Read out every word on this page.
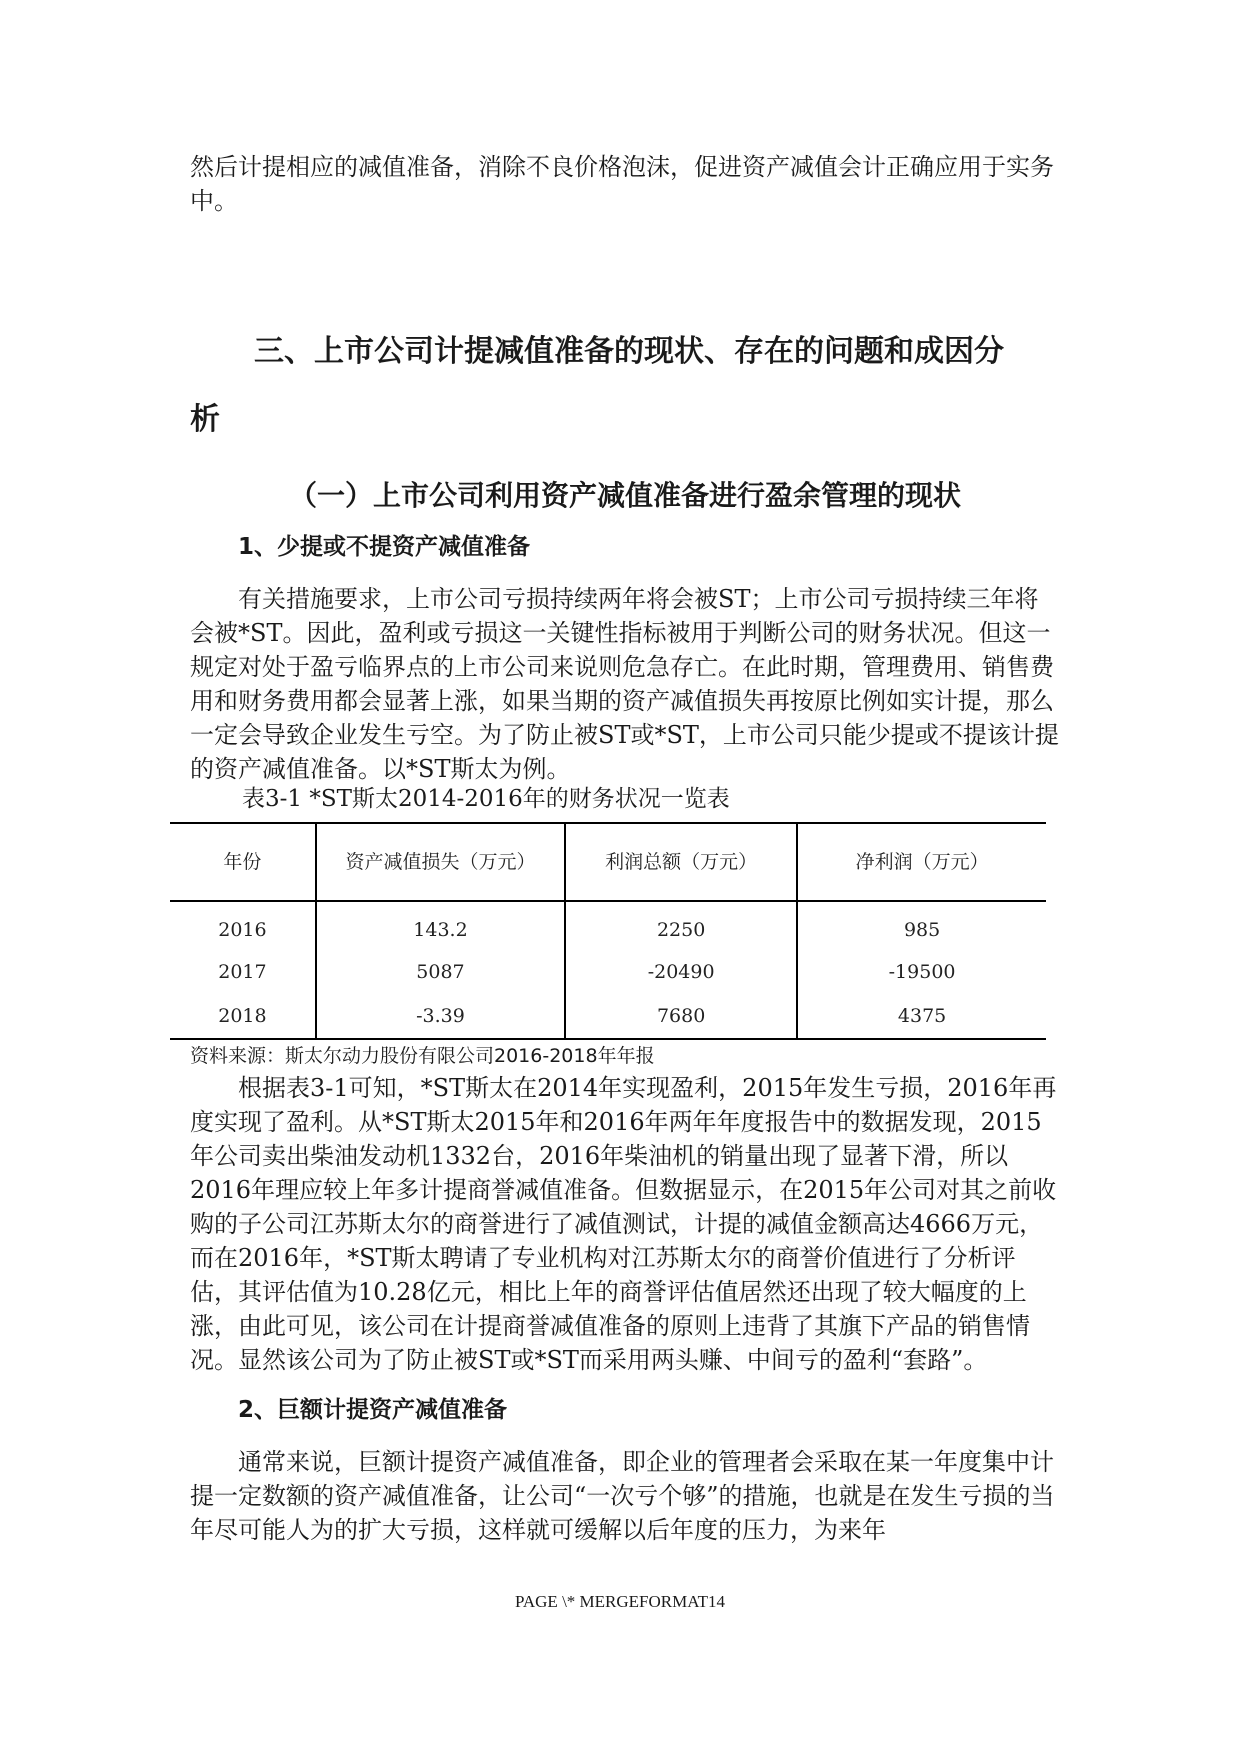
然后计提相应的减值准备，消除不良价格泡沫，促进资产减值会计正确应用于实务中。

三、上市公司计提减值准备的现状、存在的问题和成因分
析
（一）上市公司利用资产减值准备进行盈余管理的现状
1、少提或不提资产减值准备

有关措施要求，上市公司亏损持续两年将会被ST；上市公司亏损持续三年将会被*ST。因此，盈利或亏损这一关键性指标被用于判断公司的财务状况。但这一规定对处于盈亏临界点的上市公司来说则危急存亡。在此时期，管理费用、销售费用和财务费用都会显著上涨，如果当期的资产减值损失再按原比例如实计提，那么一定会导致企业发生亏空。为了防止被ST或*ST，上市公司只能少提或不提该计提的资产减值准备。以*ST斯太为例。

表3-1 *ST斯太2014-2016年的财务状况一览表

年份	资产减值损失（万元）	利润总额（万元）	净利润（万元）
2016	143.2	2250	985
2017	5087	-20490	-19500
2018	-3.39	7680	4375

资料来源：斯太尔动力股份有限公司2016-2018年年报

根据表3-1可知，*ST斯太在2014年实现盈利，2015年发生亏损，2016年再度实现了盈利。从*ST斯太2015年和2016年两年年度报告中的数据发现，2015年公司卖出柴油发动机1332台，2016年柴油机的销量出现了显著下滑，所以2016年理应较上年多计提商誉减值准备。但数据显示，在2015年公司对其之前收购的子公司江苏斯太尔的商誉进行了减值测试，计提的减值金额高达4666万元，而在2016年，*ST斯太聘请了专业机构对江苏斯太尔的商誉价值进行了分析评估，其评估值为10.28亿元，相比上年的商誉评估值居然还出现了较大幅度的上涨，由此可见，该公司在计提商誉减值准备的原则上违背了其旗下产品的销售情况。显然该公司为了防止被ST或*ST而采用两头赚、中间亏的盈利“套路”。

2、巨额计提资产减值准备

通常来说，巨额计提资产减值准备，即企业的管理者会采取在某一年度集中计提一定数额的资产减值准备，让公司“一次亏个够”的措施，也就是在发生亏损的当年尽可能人为的扩大亏损，这样就可缓解以后年度的压力，为来年

PAGE \* MERGEFORMAT14
